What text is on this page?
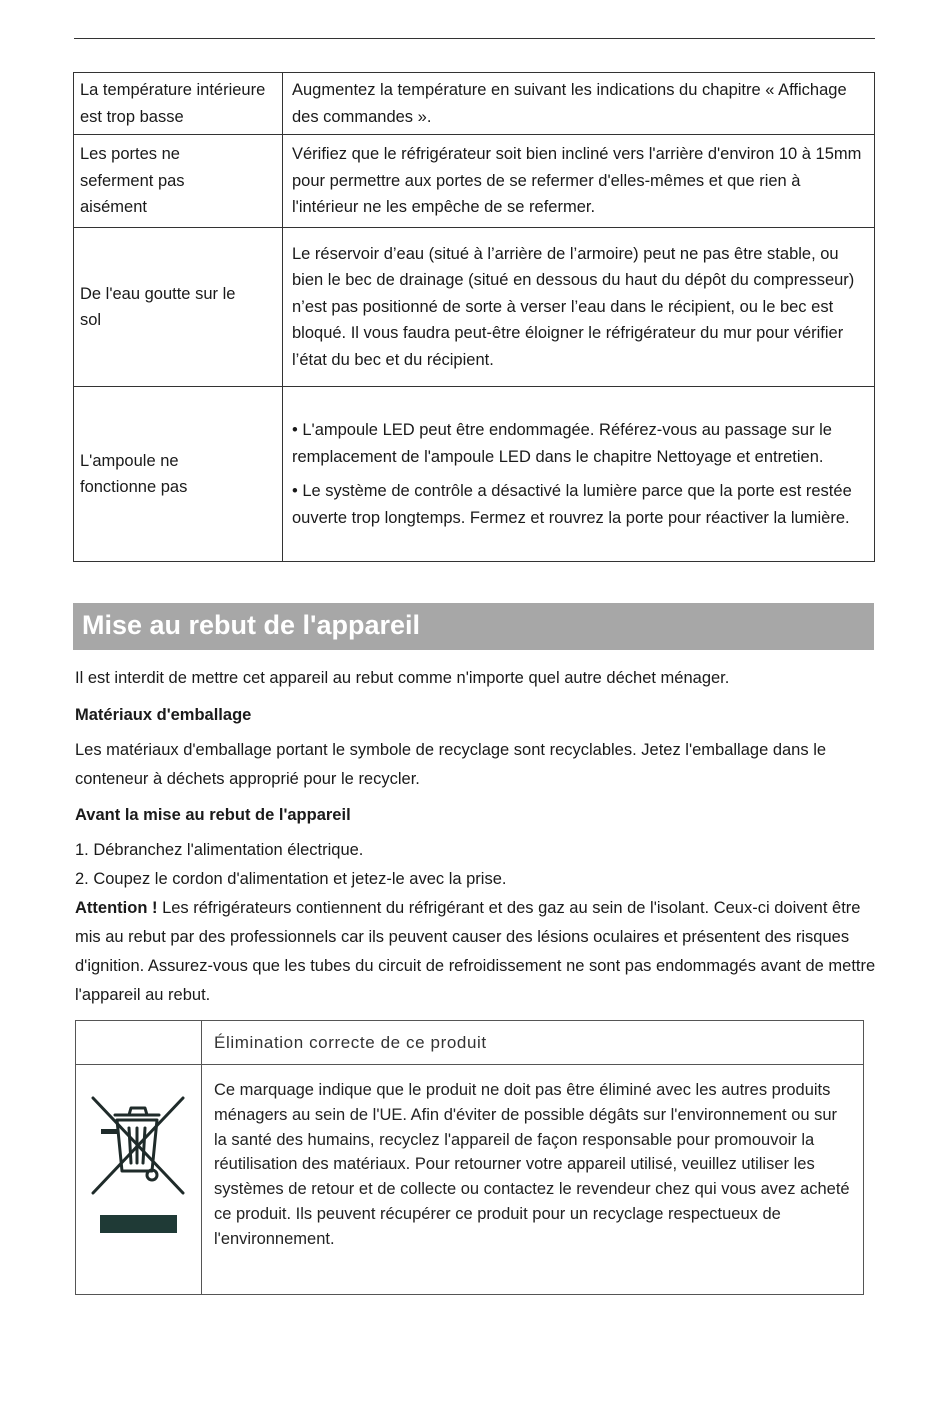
La température intérieure est trop basse	Augmentez la température en suivant les indications du chapitre « Affichage des commandes ».

Les portes ne seferment pas aisément	Vérifiez que le réfrigérateur soit bien incliné vers l'arrière d'environ 10 à 15mm pour permettre aux portes de se refermer d'elles-mêmes et que rien à l'intérieur ne les empêche de se refermer.

De l'eau goutte sur le sol	Le réservoir d’eau (situé à l’arrière de l’armoire) peut ne pas être stable, ou bien le bec de drainage (situé en dessous du haut du dépôt du compresseur) n’est pas positionné de sorte à verser l’eau dans le récipient, ou le bec est bloqué. Il vous faudra peut-être éloigner le réfrigérateur du mur pour vérifier l’état du bec et du récipient.

L'ampoule ne fonctionne pas	• L'ampoule LED peut être endommagée. Référez-vous au passage sur le remplacement de l'ampoule LED dans le chapitre Nettoyage et entretien.
• Le système de contrôle a désactivé la lumière parce que la porte est restée ouverte trop longtemps. Fermez et rouvrez la porte pour réactiver la lumière.
Mise au rebut de l'appareil
Il est interdit de mettre cet appareil au rebut comme n'importe quel autre déchet ménager.
Matériaux d'emballage
Les matériaux d'emballage portant le symbole de recyclage sont recyclables. Jetez l'emballage dans le conteneur à déchets approprié pour le recycler.
Avant la mise au rebut de l'appareil
1. Débranchez l'alimentation électrique.
2. Coupez le cordon d'alimentation et jetez-le avec la prise.
Attention ! Les réfrigérateurs contiennent du réfrigérant et des gaz au sein de l'isolant. Ceux-ci doivent être mis au rebut par des professionnels car ils peuvent causer des lésions oculaires et présentent des risques d'ignition. Assurez-vous que les tubes du circuit de refroidissement ne sont pas endommagés avant de mettre l'appareil au rebut.
	Élimination correcte de ce produit

	Ce marquage indique que le produit ne doit pas être éliminé avec les autres produits ménagers au sein de l'UE. Afin d'éviter de possible dégâts sur l'environnement ou sur la santé des humains, recyclez l'appareil de façon responsable pour promouvoir la réutilisation des matériaux. Pour retourner votre appareil utilisé, veuillez utiliser les systèmes de retour et de collecte ou contactez le revendeur chez qui vous avez acheté ce produit. Ils peuvent récupérer ce produit pour un recyclage respectueux de l'environnement.
